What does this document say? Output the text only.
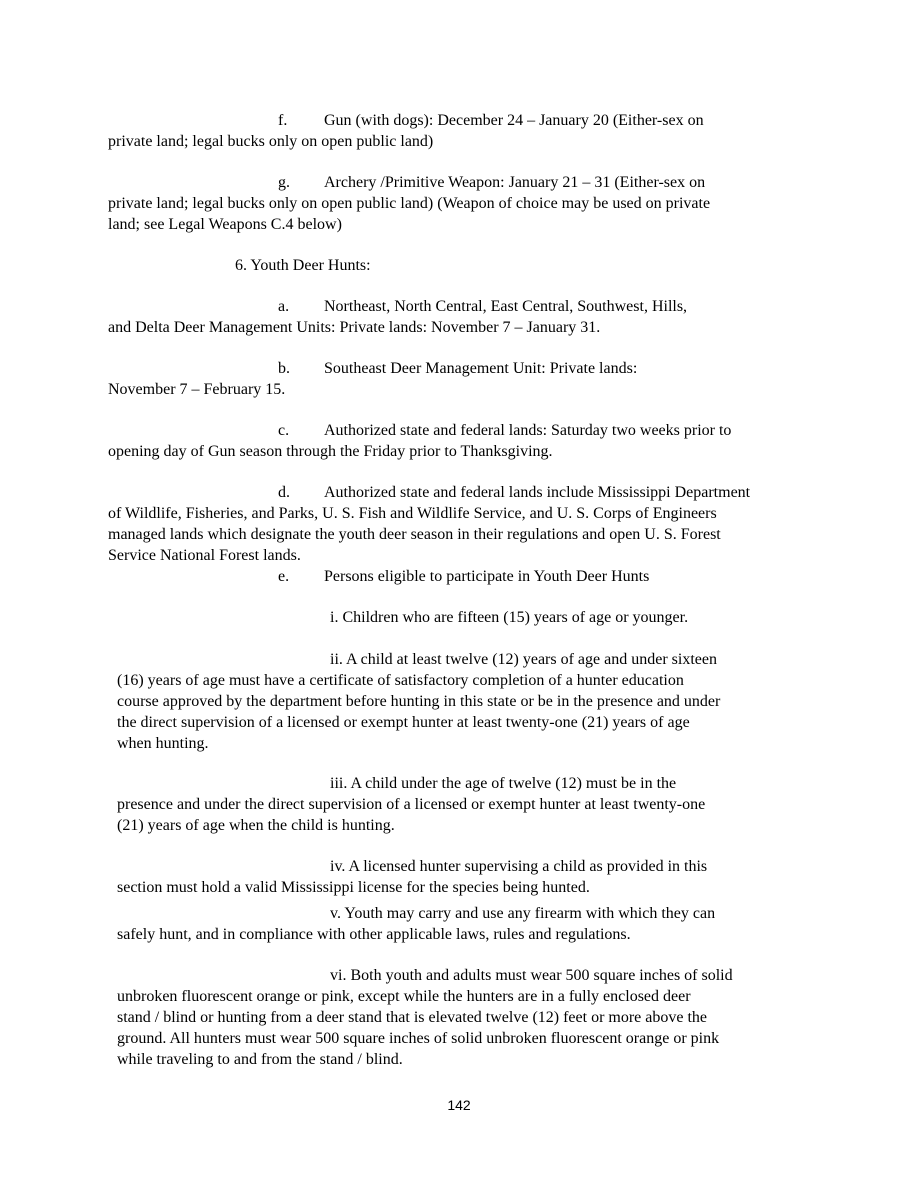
f. Gun (with dogs): December 24 – January 20 (Either-sex on
private land; legal bucks only on open public land)
g. Archery /Primitive Weapon: January 21 – 31 (Either-sex on
private land; legal bucks only on open public land) (Weapon of choice may be used on private
land; see Legal Weapons C.4 below)
6. Youth Deer Hunts:
a. Northeast, North Central, East Central, Southwest, Hills,
and Delta Deer Management Units: Private lands: November 7 – January 31.
b. Southeast Deer Management Unit: Private lands:
November 7 – February 15.
c. Authorized state and federal lands: Saturday two weeks prior to
opening day of Gun season through the Friday prior to Thanksgiving.
d. Authorized state and federal lands include Mississippi Department
of Wildlife, Fisheries, and Parks, U. S. Fish and Wildlife Service, and U. S. Corps of Engineers
managed lands which designate the youth deer season in their regulations and open U. S. Forest
Service National Forest lands.
e. Persons eligible to participate in Youth Deer Hunts
i. Children who are fifteen (15) years of age or younger.
ii. A child at least twelve (12) years of age and under sixteen
(16) years of age must have a certificate of satisfactory completion of a hunter education
course approved by the department before hunting in this state or be in the presence and under
the direct supervision of a licensed or exempt hunter at least twenty-one (21) years of age
when hunting.
iii. A child under the age of twelve (12) must be in the
presence and under the direct supervision of a licensed or exempt hunter at least twenty-one
(21) years of age when the child is hunting.
iv. A licensed hunter supervising a child as provided in this
section must hold a valid Mississippi license for the species being hunted.
v. Youth may carry and use any firearm with which they can
safely hunt, and in compliance with other applicable laws, rules and regulations.
vi. Both youth and adults must wear 500 square inches of solid
unbroken fluorescent orange or pink, except while the hunters are in a fully enclosed deer
stand / blind or hunting from a deer stand that is elevated twelve (12) feet or more above the
ground. All hunters must wear 500 square inches of solid unbroken fluorescent orange or pink
while traveling to and from the stand / blind.
142
